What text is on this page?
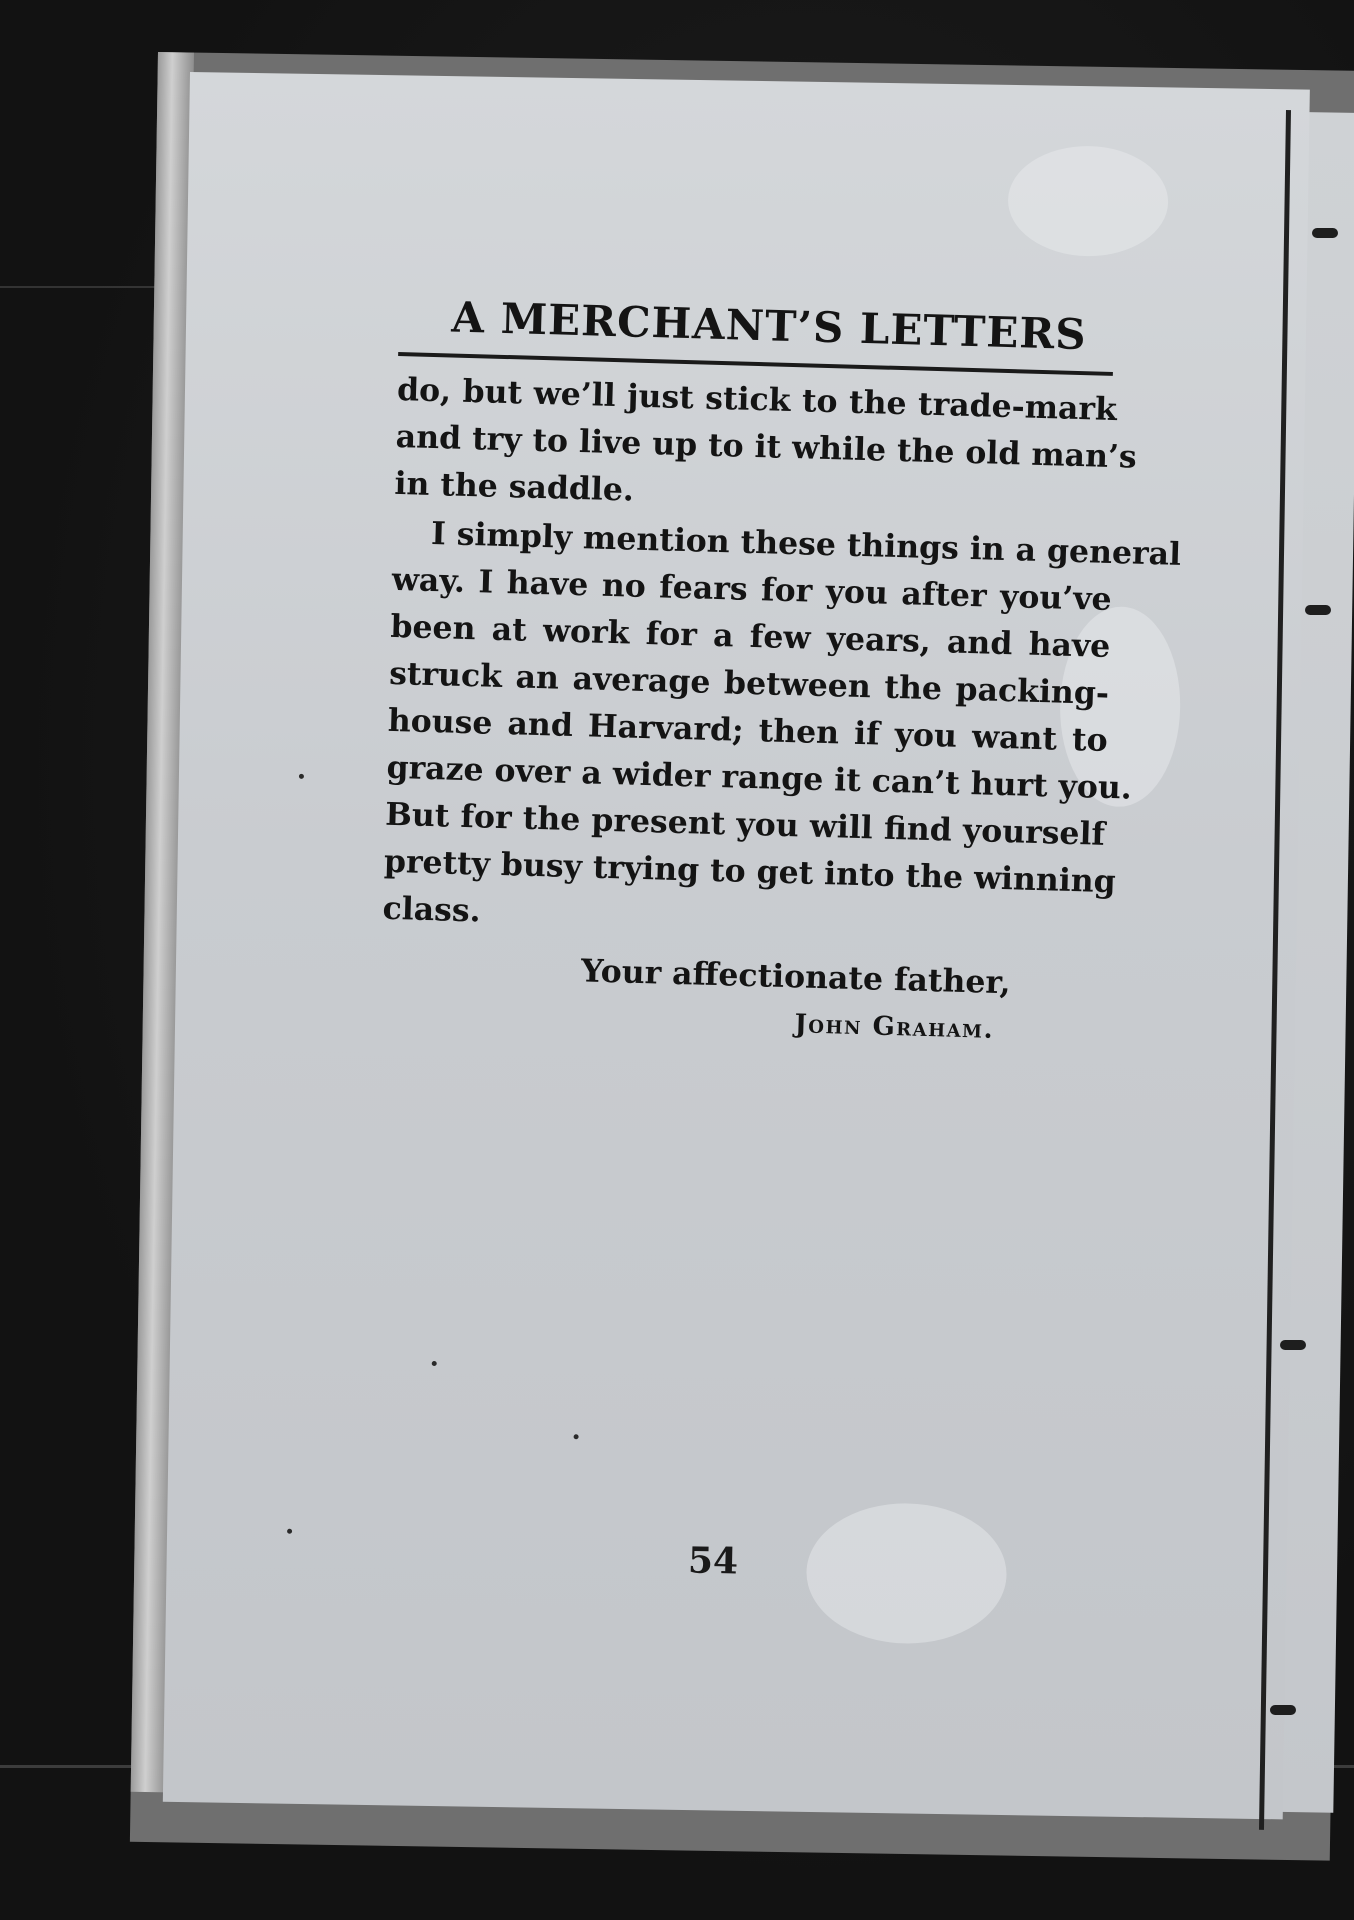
A MERCHANT’S LETTERS

do, but we’ll just stick to the trade-mark
and try to live up to it while the old man’s
in the saddle.

I simply mention these things in a general
way. I have no fears for you after you’ve
been at work for a few years, and have
struck an average between the packing-
house and Harvard; then if you want to
graze over a wider range it can’t hurt you.
But for the present you will find yourself
pretty busy trying to get into the winning
class.

Your affectionate father,
John Graham.
54
